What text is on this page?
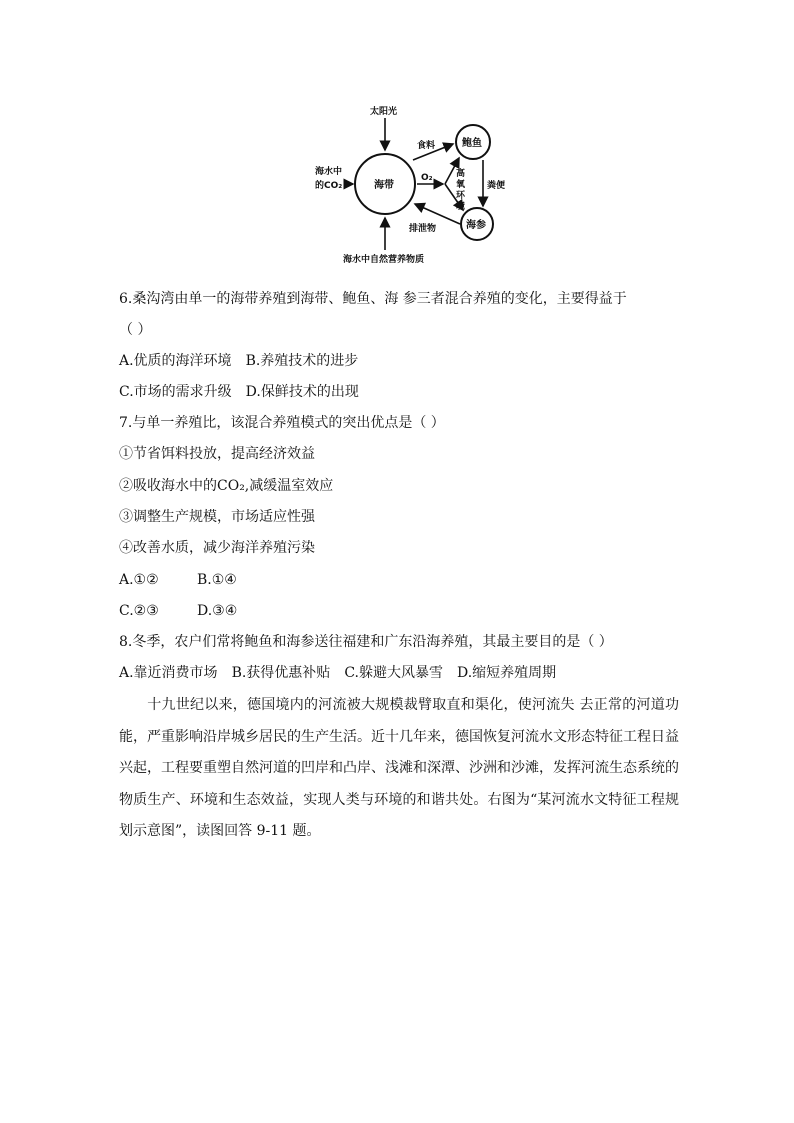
太阳光
海水中
的CO₂	海带
鲍鱼
海参
食料
O₂	高
氧
环
境
粪便
排泄物
海水中自然营养物质
6.桑沟湾由单一的海带养殖到海带、鲍鱼、海 参三者混合养殖的变化，主要得益于
（ ）
A.优质的海洋环境 B.养殖技术的进步
C.市场的需求升级 D.保鲜技术的出现
7.与单一养殖比，该混合养殖模式的突出优点是（ ）
①节省饵料投放，提高经济效益
②吸收海水中的CO₂,减缓温室效应
③调整生产规模，市场适应性强
④改善水质，减少海洋养殖污染
A.①②	B.①④
C.②③	D.③④
8.冬季，农户们常将鲍鱼和海参送往福建和广东沿海养殖，其最主要目的是（ ）
A.靠近消费市场 B.获得优惠补贴 C.躲避大风暴雪 D.缩短养殖周期
十九世纪以来，德国境内的河流被大规模裁臂取直和渠化，使河流失 去正常的河道功能，严重影响沿岸城乡居民的生产生活。近十几年来，德国恢复河流水文形态特征工程日益兴起，工程要重塑自然河道的凹岸和凸岸、浅滩和深潭、沙洲和沙滩，发挥河流生态系统的物质生产、环境和生态效益，实现人类与环境的和谐共处。右图为“某河流水文特征工程规划示意图”，读图回答 9-11 题。
